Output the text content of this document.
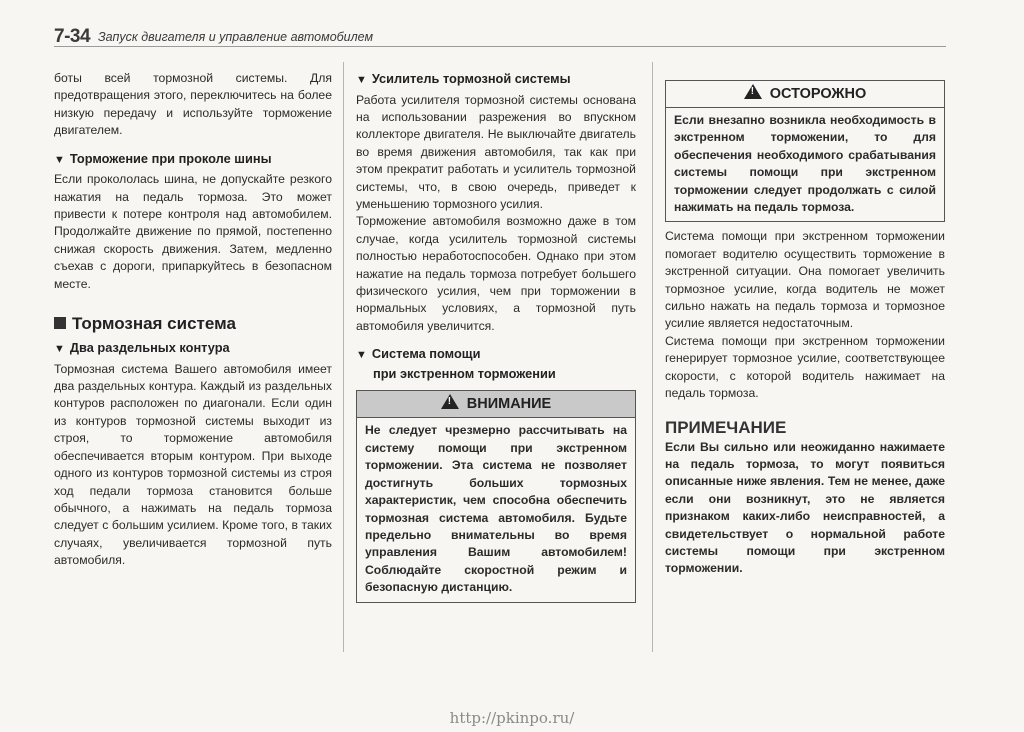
7-34 Запуск двигателя и управление автомобилем

боты всей тормозной системы. Для предотвращения этого, переключитесь на более низкую передачу и используйте торможение двигателем.

▼ Торможение при проколе шины

Если прокололась шина, не допускайте резкого нажатия на педаль тормоза. Это может привести к потере контроля над автомобилем. Продолжайте движение по прямой, постепенно снижая скорость движения. Затем, медленно съехав с дороги, припаркуйтесь в безопасном месте.

Тормозная система
▼ Два раздельных контура

Тормозная система Вашего автомобиля имеет два раздельных контура. Каждый из раздельных контуров расположен по диагонали. Если один из контуров тормозной системы выходит из строя, то торможение автомобиля обеспечивается вторым контуром. При выходе одного из контуров тормозной системы из строя ход педали тормоза становится больше обычного, а нажимать на педаль тормоза следует с большим усилием. Кроме того, в таких случаях, увеличивается тормозной путь автомобиля.

▼ Усилитель тормозной системы

Работа усилителя тормозной системы основана на использовании разрежения во впускном коллекторе двигателя. Не выключайте двигатель во время движения автомобиля, так как при этом прекратит работать и усилитель тормозной системы, что, в свою очередь, приведет к уменьшению тормозного усилия.

Торможение автомобиля возможно даже в том случае, когда усилитель тормозной системы полностью неработоспособен. Однако при этом нажатие на педаль тормоза потребует большего физического усилия, чем при торможении в нормальных условиях, а тормозной путь автомобиля увеличится.

▼ Система помощи
при экстренном торможении
!ВНИМАНИЕ
Не следует чрезмерно рассчитывать на систему помощи при экстренном торможении. Эта система не позволяет достигнуть больших тормозных характеристик, чем способна обеспечить тормозная система автомобиля. Будьте предельно внимательны во время управления Вашим автомобилем! Соблюдайте скоростной режим и безопасную дистанцию.
!ОСТОРОЖНО
Если внезапно возникла необходимость в экстренном торможении, то для обеспечения необходимого срабатывания системы помощи при экстренном торможении следует продолжать с силой нажимать на педаль тормоза.

Система помощи при экстренном торможении помогает водителю осуществить торможение в экстренной ситуации. Она помогает увеличить тормозное усилие, когда водитель не может сильно нажать на педаль тормоза и тормозное усилие является недостаточным.

Система помощи при экстренном торможении генерирует тормозное усилие, соответствующее скорости, с которой водитель нажимает на педаль тормоза.

ПРИМЕЧАНИЕ

Если Вы сильно или неожиданно нажимаете на педаль тормоза, то могут появиться описанные ниже явления. Тем не менее, даже если они возникнут, это не является признаком каких-либо неисправностей, а свидетельствует о нормальной работе системы помощи при экстренном торможении.

http://pkinpo.ru/
